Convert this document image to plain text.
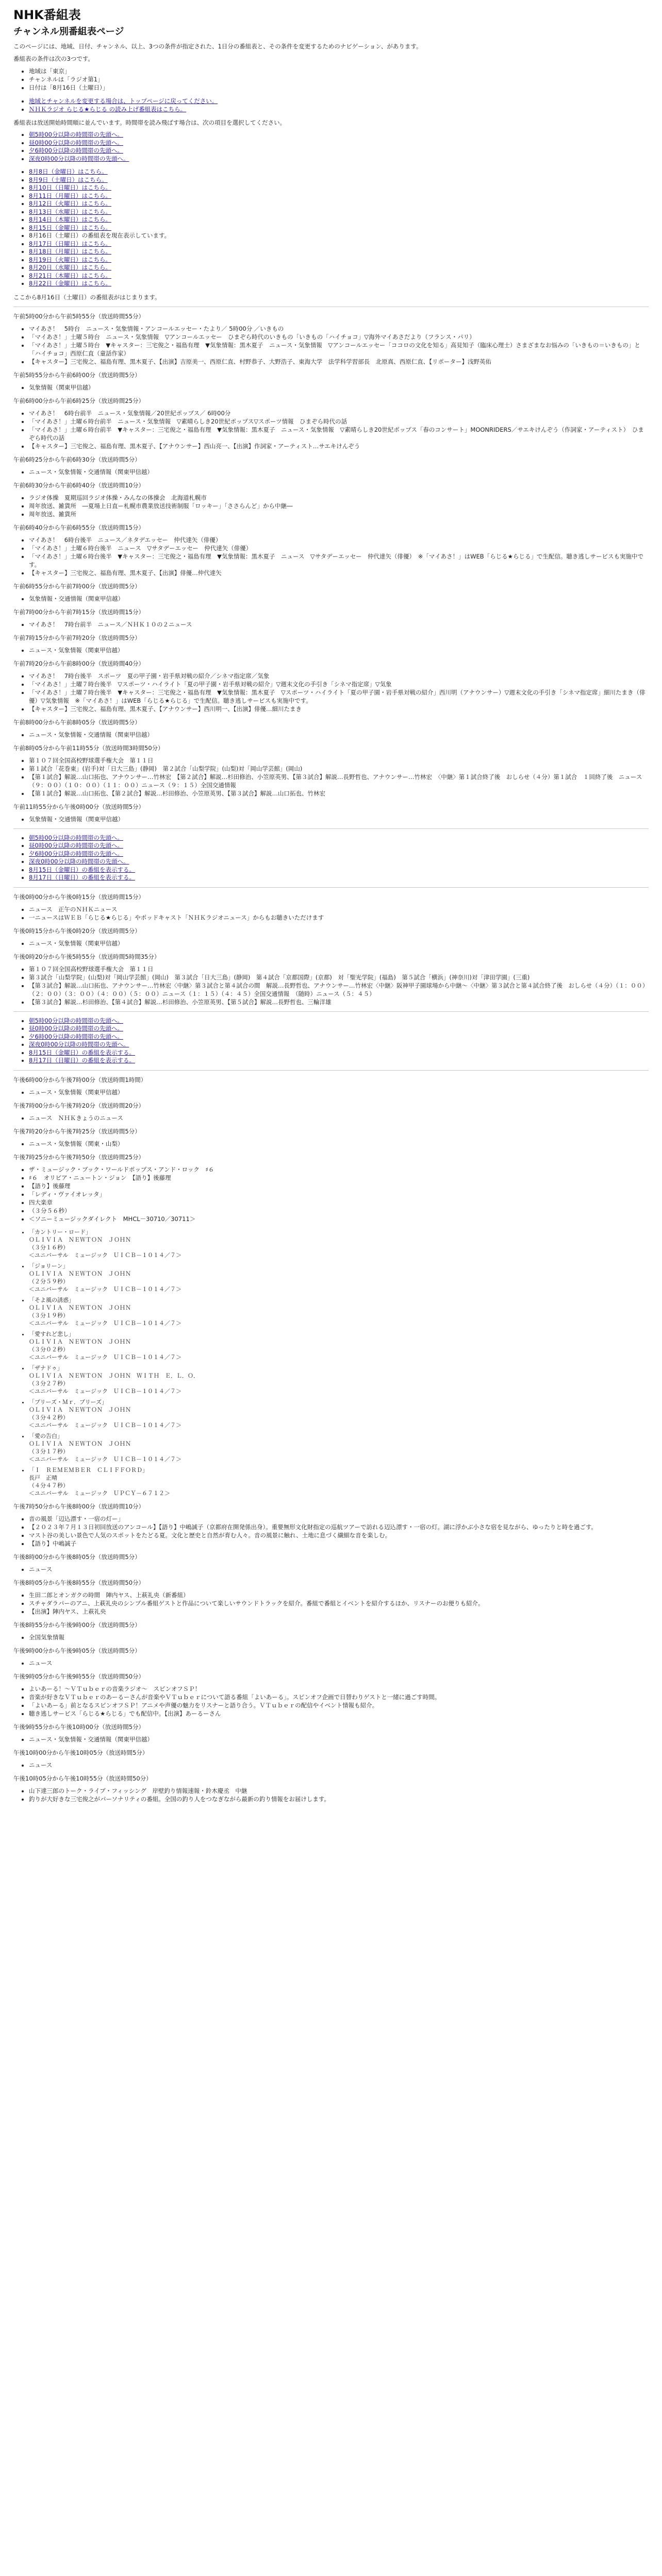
NHK番組表
チャンネル別番組表ページ

このページには、地域、日付、チャンネル、以上、3つの条件が指定された、1日分の番組表と、その条件を変更するためのナビゲーション、があります。

番組表の条件は次の3つです。

• 地域は「東京」
• チャンネルは「ラジオ第1」
• 日付は「8月16日（土曜日）」
• 地域とチャンネルを変更する場合は、トップページに戻ってください。
• ＮＨＫラジオ らじる★らじる の読み上げ番組表はこちら。

番組表は放送開始時間順に並んでいます。時間帯を読み飛ばす場合は、次の項目を選択してください。

• 朝5時00分以降の時間帯の先頭へ。
• 昼0時00分以降の時間帯の先頭へ。
• 夕6時00分以降の時間帯の先頭へ。
• 深夜0時00分以降の時間帯の先頭へ。
• 8月8日（金曜日）はこちら。
• 8月9日（土曜日）はこちら。
• 8月10日（日曜日）はこちら。
• 8月11日（月曜日）はこちら。
• 8月12日（火曜日）はこちら。
• 8月13日（水曜日）はこちら。
• 8月14日（木曜日）はこちら。
• 8月15日（金曜日）はこちら。
• 8月16日（土曜日）の番組表を現在表示しています。
• 8月17日（日曜日）はこちら。
• 8月18日（月曜日）はこちら。
• 8月19日（火曜日）はこちら。
• 8月20日（水曜日）はこちら。
• 8月21日（木曜日）はこちら。
• 8月22日（金曜日）はこちら。

ここから8月16日（土曜日）の番組表がはじまります。

午前5時00分から午前5時55分（放送時間55分）

• マイあさ！　5時台　ニュース・気象情報・アンコールエッセー・たより／ 5時00分 ／いきもの
• 「マイあさ！」土曜５時台　ニュース・気象情報　▽アンコールエッセー　ひまぞら時代のいきもの「いきもの「ハイチョコ」▽海外マイあさだより（フランス・パリ）
• 「マイあさ！」土曜５時台　▼キャスター：三宅俊之・福島有理　▼気象情報：黒木夏子　ニュース・気象情報　▽アンコールエッセー「ココロの文化を知る」高見知子（臨床心理士）さまざまなお悩みの「いきもの＝いきもの」と「ハイチョコ」西原仁直（童話作家）
• 【キャスター】三宅俊之、福島有理、黒木夏子、【出演】吉原美一、西原仁直、村野恭子、大野浩子、東海大学　法学科学習部長　北原真、西原仁直、【リポーター】浅野英佑

午前5時55分から午前6時00分（放送時間5分）

• 気象情報（関東甲信越）

午前6時00分から午前6時25分（放送時間25分）

• マイあさ！　6時台前半　ニュース・気象情報／20世紀ポップス／ 6時00分
• 「マイあさ！」土曜６時台前半　ニュース・気象情報　▽素晴らしき20世紀ポップス▽スポーツ情報　ひまぞら時代の話
• 「マイあさ！」土曜６時台前半　▼キャスター：三宅俊之・福島有理　▼気象情報：黒木夏子　ニュース・気象情報　▽素晴らしき20世紀ポップス「春のコンサート」MOONRIDERS／サエキけんぞう（作詞家・アーティスト）　ひまぞら時代の話
• 【キャスター】三宅俊之、福島有理、黒木夏子、【アナウンサー】西山亮一、【出演】作詞家・アーティスト…サエキけんぞう

午前6時25分から午前6時30分（放送時間5分）

• ニュース・気象情報・交通情報（関東甲信越）

午前6時30分から午前6時40分（放送時間10分）

• ラジオ体操　夏期巡回ラジオ体操・みんなの体操会　北海道札幌市
• 周年放送、雑貨所　―夏場上日直ー札幌市農業放送技術制服「ロッキー」「ささらんど」から中継―
• 周年放送、雑貨所

午前6時40分から午前6時55分（放送時間15分）

• マイあさ！　6時台後半　ニュース／ネタデエッセー　仲代達矢（俳優）
• 「マイあさ！」土曜６時台後半　ニュース　▽サタデーエッセー　仲代達矢（俳優）
• 「マイあさ！」土曜６時台後半　▼キャスター：三宅俊之・福島有理　▼気象情報：黒木夏子　ニュース　▽サタデーエッセー　仲代達矢（俳優）　※「マイあさ！」はWEB「らじる★らじる」で生配信。聴き逃しサービスも実施中です。
• 【キャスター】三宅俊之、福島有理、黒木夏子、【出演】俳優…仲代達矢

午前6時55分から午前7時00分（放送時間5分）

• 気象情報・交通情報（関東甲信越）

午前7時00分から午前7時15分（放送時間15分）

• マイあさ！　7時台前半　ニュース／ＮＨＫ１０の２ニュース

午前7時15分から午前7時20分（放送時間5分）

• ニュース・気象情報（関東甲信越）

午前7時20分から午前8時00分（放送時間40分）

• マイあさ！　7時台後半　スポーツ　夏の甲子園・岩手県対戦の紹介／シネマ指定席／気象
• 「マイあさ！」土曜７時台後半　▽スポーツ・ハイライト「夏の甲子園・岩手県対戦の紹介」▽週末文化の手引き「シネマ指定席」▽気象
• 「マイあさ！」土曜７時台後半　▼キャスター：三宅俊之・福島有理　▼気象情報：黒木夏子　▽スポーツ・ハイライト「夏の甲子園・岩手県対戦の紹介」西川明（アナウンサー）▽週末文化の手引き「シネマ指定席」細川たまき（俳優）▽気象情報　※「マイあさ！」はWEB「らじる★らじる」で生配信。聴き逃しサービスも実施中です。
• 【キャスター】三宅俊之、福島有理、黒木夏子、【アナウンサー】西川明一、【出演】俳優…細川たまき

午前8時00分から午前8時05分（放送時間5分）

• ニュース・気象情報・交通情報（関東甲信越）

午前8時05分から午前11時55分（放送時間3時間50分）

• 第１０７回全国高校野球選手権大会　第１１日
• 第１試合「花巻東」(岩手)対「日大三島」(静岡)　第２試合「山梨学院」(山梨)対「岡山学芸館」(岡山)
• 【第１試合】解説…山口拓也、アナウンサー…竹林宏　【第２試合】解説…杉田修治、小笠原英男、【第３試合】解説…長野哲也、アナウンサー…竹林宏　〈中継〉第１試合終了後　おしらせ（４分）第１試合　１回終了後　ニュース（９：００）（１０：００）（１１：００）ニュース（９：１５）全国交通情報
• 【第１試合】解説…山口拓也、【第２試合】解説…杉田修治、小笠原英男、【第３試合】解説…山口拓也、竹林宏

午前11時55分から午後0時00分（放送時間5分）

• 気象情報・交通情報（関東甲信越）
• 朝5時00分以降の時間帯の先頭へ。
• 昼0時00分以降の時間帯の先頭へ。
• 夕6時00分以降の時間帯の先頭へ。
• 深夜0時00分以降の時間帯の先頭へ。
• 8月15日（金曜日）の番組を表示する。
• 8月17日（日曜日）の番組を表示する。

午後0時00分から午後0時15分（放送時間15分）

• ニュース　正午のＮＨＫニュース
• 一ニュースはＷＥＢ「らじる★らじる」やポッドキャスト「ＮＨＫラジオニュース」からもお聴きいただけます

午後0時15分から午後0時20分（放送時間5分）

• ニュース・気象情報（関東甲信越）

午後0時20分から午後5時55分（放送時間5時間35分）

• 第１０７回全国高校野球選手権大会　第１１日
• 第３試合「山梨学院」(山梨)対「岡山学芸館」(岡山)　第３試合「日大三島」(静岡)　第４試合「京都国際」(京都)　対「聖光学院」(福島)　第５試合「横浜」(神奈川)対「津田学園」(三重)
• 【第３試合】解説…山口拓也、アナウンサー…竹林宏〈中継〉第３試合と第４試合の間　解説…長野哲也、アナウンサー…竹林宏〈中継〉阪神甲子園球場から中継〜〈中継〉第３試合と第４試合終了後　おしらせ（４分）（１：００）（２：００）（３：００）（４：００）（５：００）ニュース（１：１５）（４：４５）全国交通情報　（随時）ニュース（５：４５）
• 【第３試合】解説…杉田修治、【第４試合】解説…杉田修治、小笠原英男、【第５試合】解説…長野哲也、三輪洋雄
• 朝5時00分以降の時間帯の先頭へ。
• 昼0時00分以降の時間帯の先頭へ。
• 夕6時00分以降の時間帯の先頭へ。
• 深夜0時00分以降の時間帯の先頭へ。
• 8月15日（金曜日）の番組を表示する。
• 8月17日（日曜日）の番組を表示する。

午後6時00分から午後7時00分（放送時間1時間）

• ニュース・気象情報（関東甲信越）

午後7時00分から午後7時20分（放送時間20分）

• ニュース　ＮＨＫきょうのニュース

午後7時20分から午後7時25分（放送時間5分）

• ニュース・気象情報（関東・山梨）

午後7時25分から午後7時50分（放送時間25分）

• ザ・ミュージック・ブック・ワールドポップス・アンド・ロック　♯６
• ♯６　オリビア・ニュートン・ジョン　【語り】後藤理
• 【語り】後藤理
• 「レディ・ヴァイオレッタ」
• 四大楽章
• （３分５６秒）
• ＜ソニーミュージックダイレクト　MHCL－30710／30711＞
• 「カントリー・ロード」
ＯＬＩＶＩＡ　ＮＥＷＴＯＮ　ＪＯＨＮ
（３分１６秒）
＜ユニバーサル　ミュージック　ＵＩＣＢ－１０１４／７＞
• 「ジョリーン」
ＯＬＩＶＩＡ　ＮＥＷＴＯＮ　ＪＯＨＮ
（２分５９秒）
＜ユニバーサル　ミュージック　ＵＩＣＢ－１０１４／７＞
• 「そよ風の誘惑」
ＯＬＩＶＩＡ　ＮＥＷＴＯＮ　ＪＯＨＮ
（３分１９秒）
＜ユニバーサル　ミュージック　ＵＩＣＢ－１０１４／７＞
• 「愛すれど悲し」
ＯＬＩＶＩＡ　ＮＥＷＴＯＮ　ＪＯＨＮ
（３分０２秒）
＜ユニバーサル　ミュージック　ＵＩＣＢ－１０１４／７＞
• 「ザナドゥ」
ＯＬＩＶＩＡ　ＮＥＷＴＯＮ　ＪＯＨＮ　ＷＩＴＨ　Ｅ．Ｌ．Ｏ．
（３分２７秒）
＜ユニバーサル　ミュージック　ＵＩＣＢ－１０１４／７＞
• 「プリーズ・Ｍｒ．プリーズ」
ＯＬＩＶＩＡ　ＮＥＷＴＯＮ　ＪＯＨＮ
（３分４２秒）
＜ユニバーサル　ミュージック　ＵＩＣＢ－１０１４／７＞
• 「愛の告白」
ＯＬＩＶＩＡ　ＮＥＷＴＯＮ　ＪＯＨＮ
（３分１７秒）
＜ユニバーサル　ミュージック　ＵＩＣＢ－１０１４／７＞
• 「Ｉ　ＲＥＭＥＭＢＥＲ　ＣＬＩＦＦＯＲＤ」
長戸　正晴
（４分４７秒）
＜ユニバーサル　ミュージック　ＵＰＣＹ－６７１２＞

午後7時50分から午後8時00分（放送時間10分）

• 音の風景「辺込漂す・一宿の灯ー」
• 【２０２３年７月１３日初回放送のアンコール】【語り】中嶋誠子（京都府在開発係出身）。重要無形文化財指定の巡航ツアーで訪れる辺込漂す・一宿の灯。湖に浮かぶ小さな宿を見ながら、ゆったりと時を過ごす。
• マスト谷の美しい景色で人気のスポットをたどる夏。文化と歴史と自然が育む人々。音の風景に触れ、土地に息づく繊細な音を楽しむ。
• 【語り】中嶋誠子

午後8時00分から午後8時05分（放送時間5分）

• ニュース

午後8時05分から午後8時55分（放送時間50分）

• 生田二郎とオンガクの時間　陣内ヤス、上萩礼央（新番組）
• スチャダラパーのアニ、上萩礼央のシンプル番組ゲストと作品について楽しいサウンドトラックを紹介。番組で番組とイベントを紹介するほか、リスナーのお便りも紹介。
• 【出演】陣内ヤス、上萩礼央

午後8時55分から午後9時00分（放送時間5分）

• 全国気象情報

午後9時00分から午後9時05分（放送時間5分）

• ニュース

午後9時05分から午後9時55分（放送時間50分）

• よいあーる！〜ＶＴｕｂｅｒの音楽ラジオ〜　スピンオフＳＰ！
• 音楽が好きなＶＴｕｂｅｒのあーるーさんが音楽やＶＴｕｂｅｒについて語る番組「よいあーる」。スピンオフ企画で日替わりゲストと一緒に過ごす時間。
• 「よいあーる」前となるスピンオフＳＰ！アニメや声優の魅力をリスナーと語り合う。ＶＴｕｂｅｒの配信やイベント情報も紹介。
• 聴き逃しサービス「らじる★らじる」でも配信中。【出演】あーるーさん

午後9時55分から午後10時00分（放送時間5分）

• ニュース・気象情報・交通情報（関東甲信越）

午後10時00分から午後10時05分（放送時間5分）

• ニュース

午後10時05分から午後10時55分（放送時間50分）

• 山下達三郎のトーク・ライブ・フィッシング　岸壁釣り情報速報・鈴木慶丞　中継
• 釣りが大好きな三宅俊之がパーソナリティの番組。全国の釣り人をつなぎながら最新の釣り情報をお届けします。
